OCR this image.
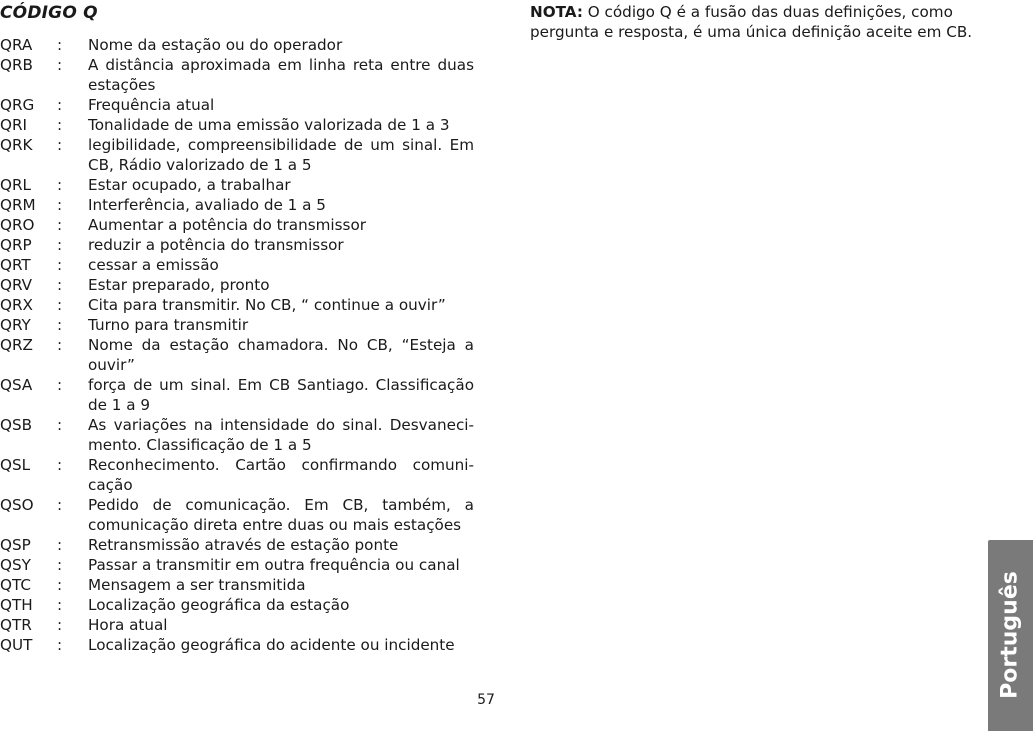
CÓDIGO Q
QRA	:	Nome da estação ou do operador
QRB	:	A distância aproximada em linha reta entre duas estações
QRG	:	Frequência atual
QRI	:	Tonalidade de uma emissão valorizada de 1 a 3
QRK	:	legibilidade, compreensibilidade de um sinal. Em CB, Rádio valorizado de 1 a 5
QRL	:	Estar ocupado, a trabalhar
QRM	:	Interferência, avaliado de 1 a 5
QRO	:	Aumentar a potência do transmissor
QRP	:	reduzir a potência do transmissor
QRT	:	cessar a emissão
QRV	:	Estar preparado, pronto
QRX	:	Cita para transmitir. No CB, “ continue a ouvir”
QRY	:	Turno para transmitir
QRZ	:	Nome da estação chamadora. No CB, “Esteja a ouvir”
QSA	:	força de um sinal. Em CB Santiago. Classificação de 1 a 9
QSB	:	As variações na intensidade do sinal. Desvaneci-mento. Classificação de 1 a 5
QSL	:	Reconhecimento. Cartão confirmando comuni-cação
QSO	:	Pedido de comunicação. Em CB, também, a comunicação direta entre duas ou mais estações
QSP	:	Retransmissão através de estação ponte
QSY	:	Passar a transmitir em outra frequência ou canal
QTC	:	Mensagem a ser transmitida
QTH	:	Localização geográfica da estação
QTR	:	Hora atual
QUT	:	Localização geográfica do acidente ou incidente
NOTA: O código Q é a fusão das duas definições, como pergunta e resposta, é uma única definição aceite em CB.
57
Português
